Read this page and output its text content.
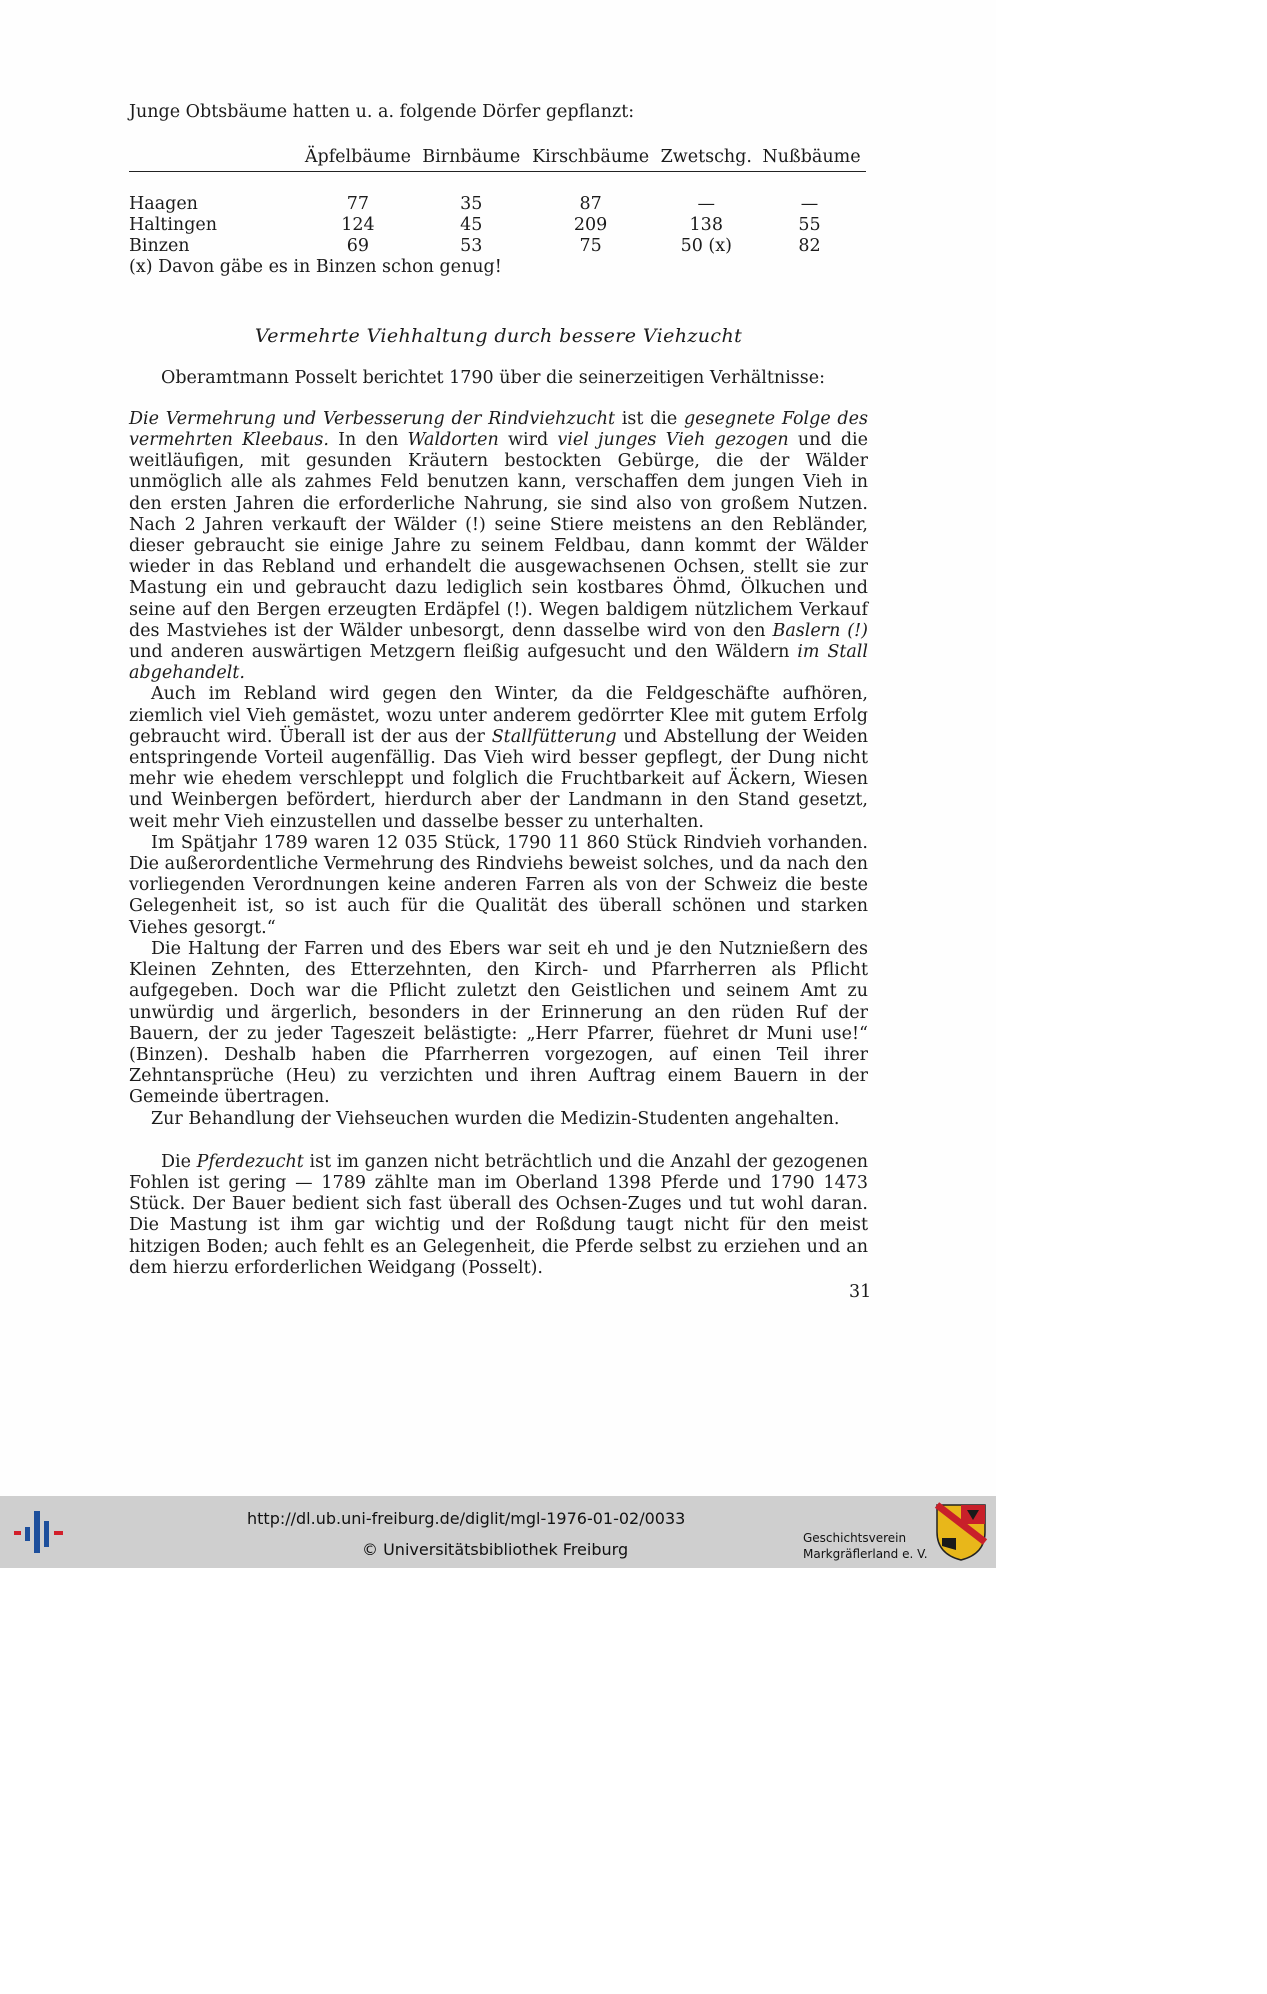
Junge Obtsbäume hatten u. a. folgende Dörfer gepflanzt:

	Äpfelbäume	Birnbäume	Kirschbäume	Zwetschg.	Nußbäume
Haagen	77	35	87	—	—
Haltingen	124	45	209	138	55
Binzen	69	53	75	50 (x)	82

(x) Davon gäbe es in Binzen schon genug!

Vermehrte Viehhaltung durch bessere Viehzucht

Oberamtmann Posselt berichtet 1790 über die seinerzeitigen Verhältnisse:

Die Vermehrung und Verbesserung der Rindviehzucht ist die gesegnete Folge des vermehrten Kleebaus. In den Waldorten wird viel junges Vieh gezogen und die weitläufigen, mit gesunden Kräutern bestockten Gebürge, die der Wälder unmöglich alle als zahmes Feld benutzen kann, verschaffen dem jungen Vieh in den ersten Jahren die erforderliche Nahrung, sie sind also von großem Nutzen. Nach 2 Jahren verkauft der Wälder (!) seine Stiere meistens an den Rebländer, dieser gebraucht sie einige Jahre zu seinem Feldbau, dann kommt der Wälder wieder in das Rebland und erhandelt die ausgewachsenen Ochsen, stellt sie zur Mastung ein und gebraucht dazu lediglich sein kostbares Öhmd, Ölkuchen und seine auf den Bergen erzeugten Erdäpfel (!). Wegen baldigem nützlichem Verkauf des Mastviehes ist der Wälder unbesorgt, denn dasselbe wird von den Baslern (!) und anderen auswärtigen Metzgern fleißig aufgesucht und den Wäldern im Stall abgehandelt.

Auch im Rebland wird gegen den Winter, da die Feldgeschäfte aufhören, ziemlich viel Vieh gemästet, wozu unter anderem gedörrter Klee mit gutem Erfolg gebraucht wird. Überall ist der aus der Stallfütterung und Abstellung der Weiden entspringende Vorteil augenfällig. Das Vieh wird besser gepflegt, der Dung nicht mehr wie ehedem verschleppt und folglich die Fruchtbarkeit auf Äckern, Wiesen und Weinbergen befördert, hierdurch aber der Landmann in den Stand gesetzt, weit mehr Vieh einzustellen und dasselbe besser zu unterhalten.

Im Spätjahr 1789 waren 12 035 Stück, 1790 11 860 Stück Rindvieh vorhanden. Die außerordentliche Vermehrung des Rindviehs beweist solches, und da nach den vorliegenden Verordnungen keine anderen Farren als von der Schweiz die beste Gelegenheit ist, so ist auch für die Qualität des überall schönen und starken Viehes gesorgt.“

Die Haltung der Farren und des Ebers war seit eh und je den Nutznießern des Kleinen Zehnten, des Etterzehnten, den Kirch- und Pfarrherren als Pflicht aufgegeben. Doch war die Pflicht zuletzt den Geistlichen und seinem Amt zu unwürdig und ärgerlich, besonders in der Erinnerung an den rüden Ruf der Bauern, der zu jeder Tageszeit belästigte: „Herr Pfarrer, füehret dr Muni use!“ (Binzen). Deshalb haben die Pfarrherren vorgezogen, auf einen Teil ihrer Zehntansprüche (Heu) zu verzichten und ihren Auftrag einem Bauern in der Gemeinde übertragen.

Zur Behandlung der Viehseuchen wurden die Medizin-Studenten angehalten.

Die Pferdezucht ist im ganzen nicht beträchtlich und die Anzahl der gezogenen Fohlen ist gering — 1789 zählte man im Oberland 1398 Pferde und 1790 1473 Stück. Der Bauer bedient sich fast überall des Ochsen-Zuges und tut wohl daran. Die Mastung ist ihm gar wichtig und der Roßdung taugt nicht für den meist hitzigen Boden; auch fehlt es an Gelegenheit, die Pferde selbst zu erziehen und an dem hierzu erforderlichen Weidgang (Posselt).

31
http://dl.ub.uni-freiburg.de/diglit/mgl-1976-01-02/0033
© Universitätsbibliothek Freiburg
Geschichtsverein
Markgräflerland e. V.
